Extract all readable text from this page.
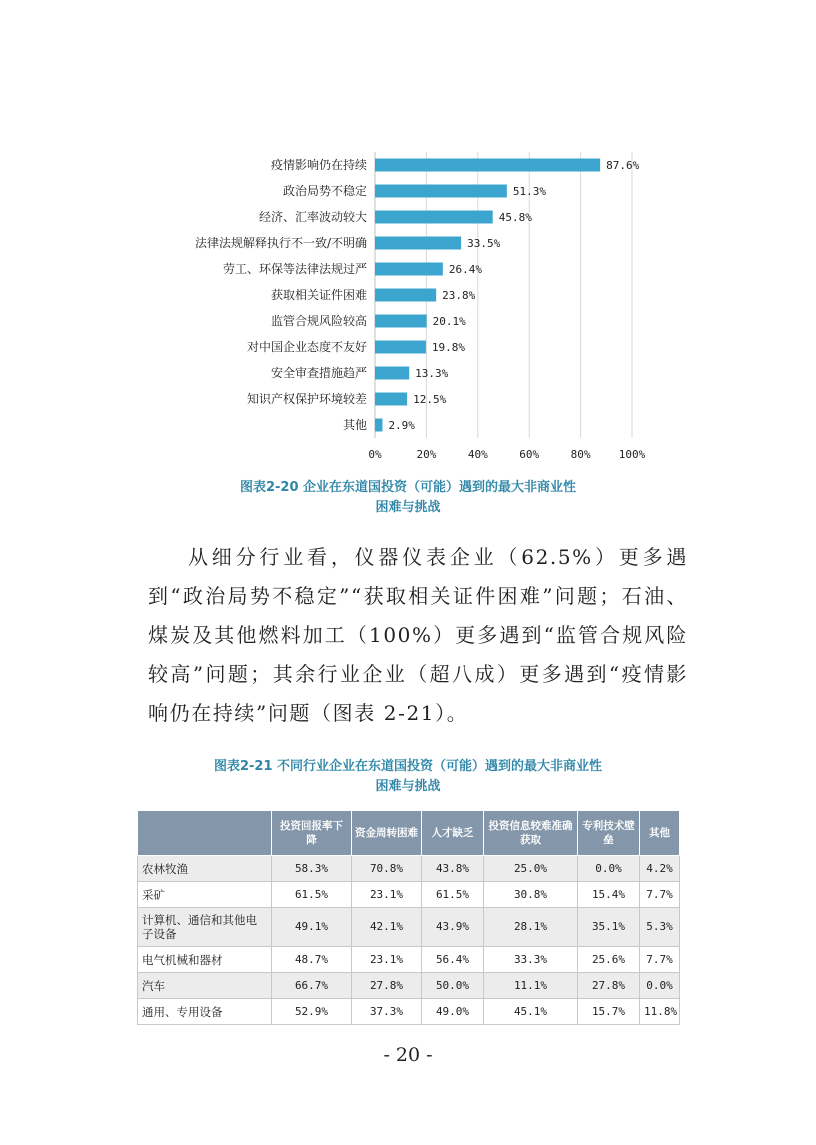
0%	20%	40%	60%	80%	100%
疫情影响仍在持续	87.6%
政治局势不稳定	51.3%
经济、汇率波动较大	45.8%
法律法规解释执行不一致/不明确	33.5%
劳工、环保等法律法规过严	26.4%
获取相关证件困难	23.8%
监管合规风险较高	20.1%
对中国企业态度不友好	19.8%
安全审查措施趋严	13.3%
知识产权保护环境较差	12.5%
其他 2.9%
图表2-20 企业在东道国投资（可能）遇到的最大非商业性
困难与挑战

从细分行业看，仪器仪表企业（62.5%）更多遇到“政治局势不稳定”“获取相关证件困难”问题；石油、煤炭及其他燃料加工（100%）更多遇到“监管合规风险较高”问题；其余行业企业（超八成）更多遇到“疫情影响仍在持续”问题（图表 2-21）。

图表2-21 不同行业企业在东道国投资（可能）遇到的最大非商业性
困难与挑战
	投资回报率下降	资金周转困难	人才缺乏	投资信息较难准确获取	专利技术壁垒	其他
农林牧渔	58.3%	70.8%	43.8%	25.0%	0.0%	4.2%
采矿	61.5%	23.1%	61.5%	30.8%	15.4%	7.7%
计算机、通信和其他电子设备	49.1%	42.1%	43.9%	28.1%	35.1%	5.3%
电气机械和器材	48.7%	23.1%	56.4%	33.3%	25.6%	7.7%
汽车	66.7%	27.8%	50.0%	11.1%	27.8%	0.0%
通用、专用设备	52.9%	37.3%	49.0%	45.1%	15.7%	11.8%
- 20 -
